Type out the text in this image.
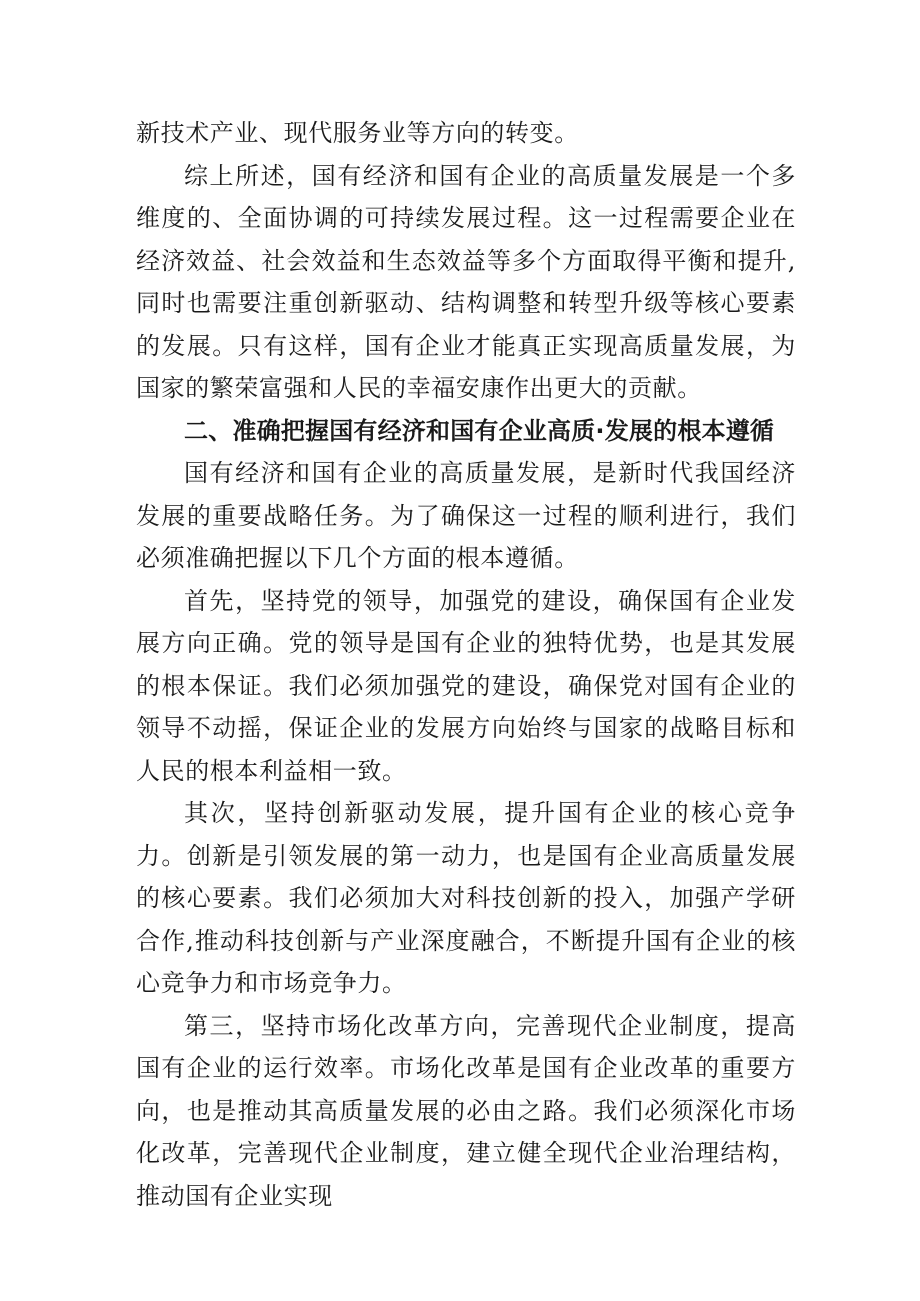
新技术产业、现代服务业等方向的转变。

综上所述，国有经济和国有企业的高质量发展是一个多维度的、全面协调的可持续发展过程。这一过程需要企业在经济效益、社会效益和生态效益等多个方面取得平衡和提升,同时也需要注重创新驱动、结构调整和转型升级等核心要素的发展。只有这样，国有企业才能真正实现高质量发展，为国家的繁荣富强和人民的幸福安康作出更大的贡献。

二、准确把握国有经济和国有企业高质·发展的根本遵循

国有经济和国有企业的高质量发展，是新时代我国经济发展的重要战略任务。为了确保这一过程的顺利进行，我们必须准确把握以下几个方面的根本遵循。

首先，坚持党的领导，加强党的建设，确保国有企业发展方向正确。党的领导是国有企业的独特优势，也是其发展的根本保证。我们必须加强党的建设，确保党对国有企业的领导不动摇，保证企业的发展方向始终与国家的战略目标和人民的根本利益相一致。

其次，坚持创新驱动发展，提升国有企业的核心竞争力。创新是引领发展的第一动力，也是国有企业高质量发展的核心要素。我们必须加大对科技创新的投入，加强产学研合作,推动科技创新与产业深度融合，不断提升国有企业的核心竞争力和市场竞争力。

第三，坚持市场化改革方向，完善现代企业制度，提高国有企业的运行效率。市场化改革是国有企业改革的重要方向，也是推动其高质量发展的必由之路。我们必须深化市场化改革，完善现代企业制度，建立健全现代企业治理结构，推动国有企业实现
